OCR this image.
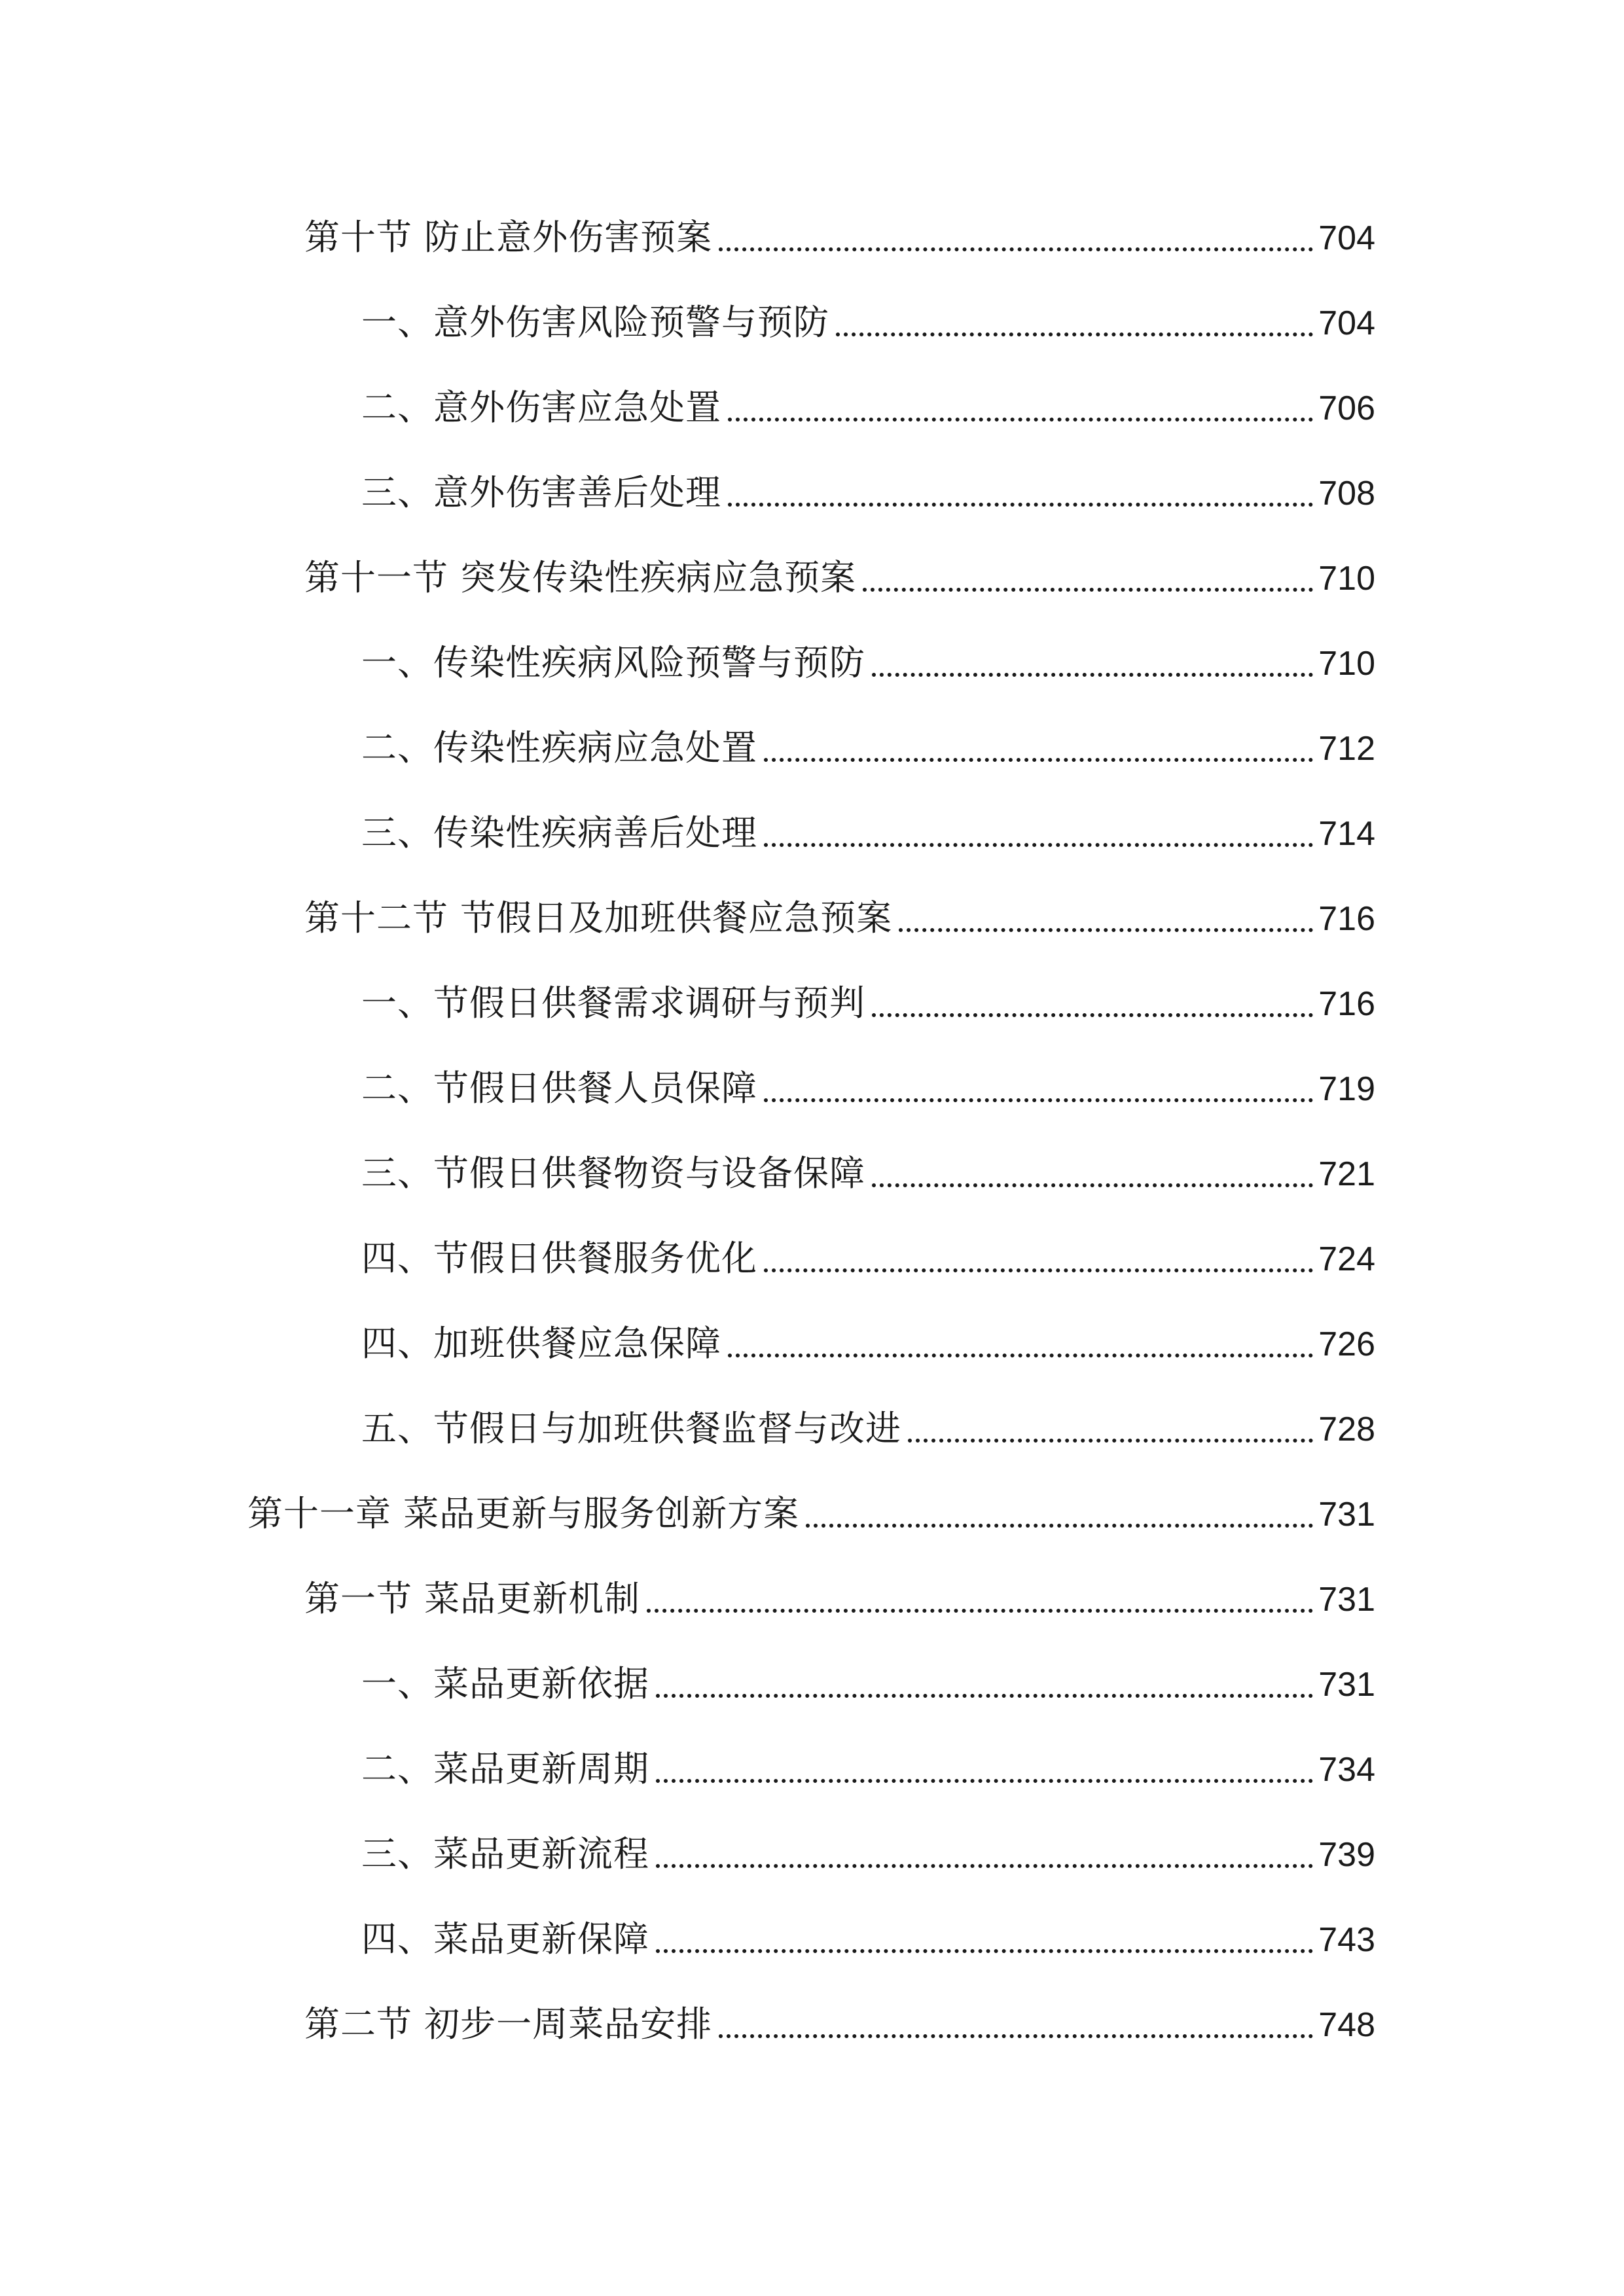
第十节 防止意外伤害预案	704
一、意外伤害风险预警与预防	704
二、意外伤害应急处置	706
三、意外伤害善后处理	708
第十一节 突发传染性疾病应急预案	710
一、传染性疾病风险预警与预防	710
二、传染性疾病应急处置	712
三、传染性疾病善后处理	714
第十二节 节假日及加班供餐应急预案	716
一、节假日供餐需求调研与预判	716
二、节假日供餐人员保障	719
三、节假日供餐物资与设备保障	721
四、节假日供餐服务优化	724
四、加班供餐应急保障	726
五、节假日与加班供餐监督与改进	728
第十一章 菜品更新与服务创新方案	731
第一节 菜品更新机制	731
一、菜品更新依据	731
二、菜品更新周期	734
三、菜品更新流程	739
四、菜品更新保障	743
第二节 初步一周菜品安排	748
